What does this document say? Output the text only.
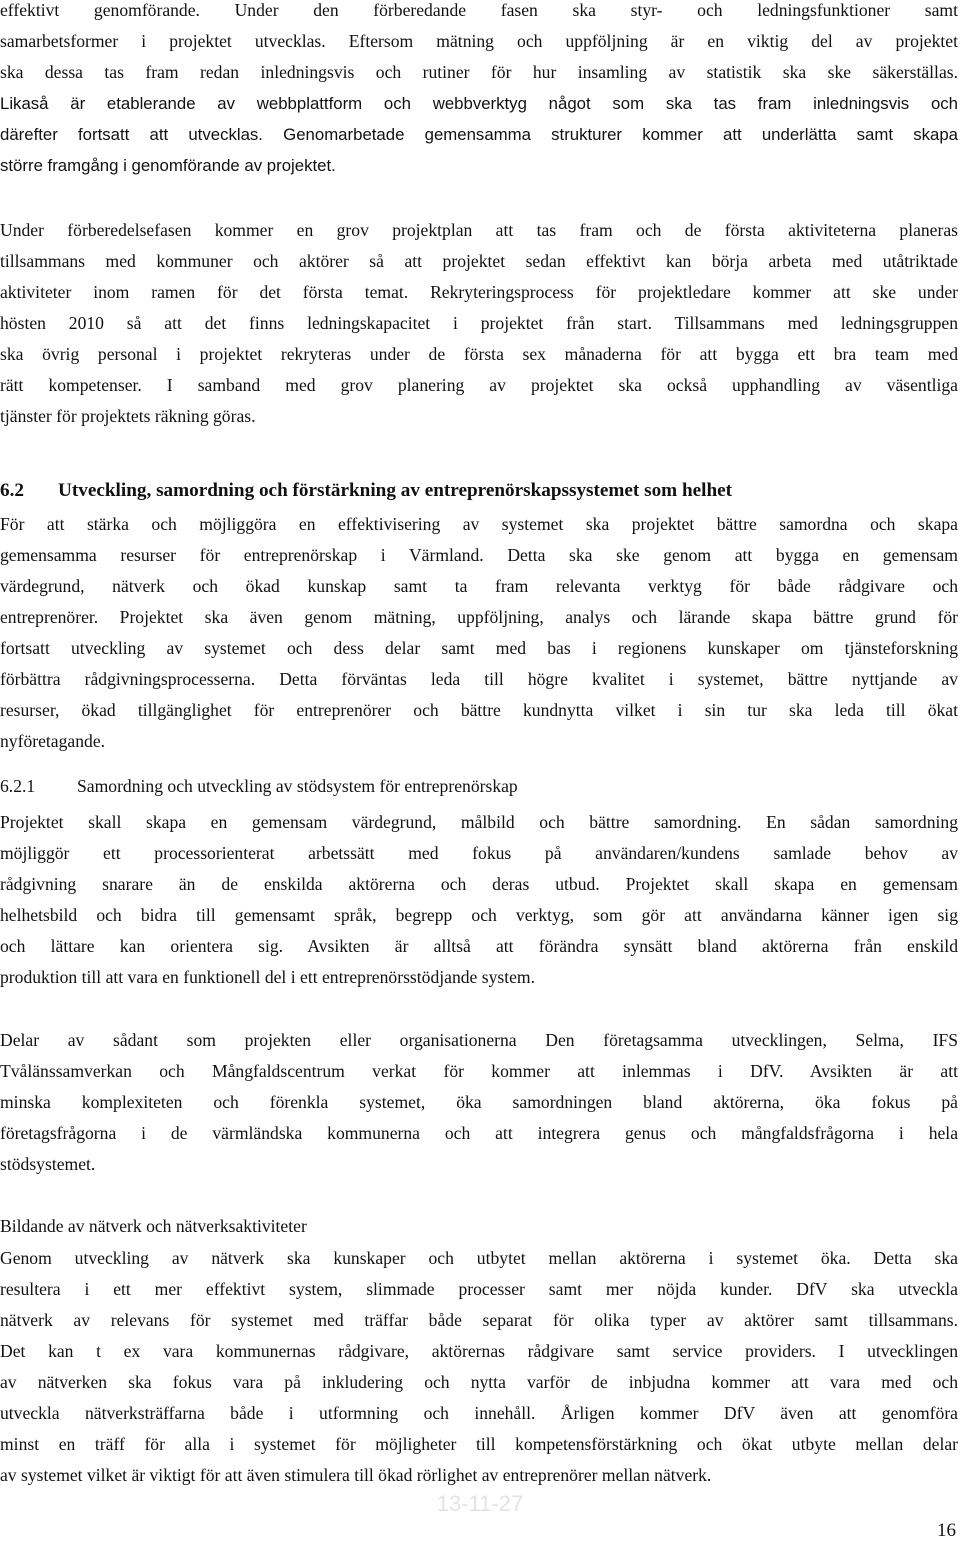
effektivt genomförande. Under den förberedande fasen ska styr- och ledningsfunktioner samt
samarbetsformer i projektet utvecklas. Eftersom mätning och uppföljning är en viktig del av projektet
ska dessa tas fram redan inledningsvis och rutiner för hur insamling av statistik ska ske säkerställas.
Likaså är etablerande av webbplattform och webbverktyg något som ska tas fram inledningsvis och
därefter fortsatt att utvecklas. Genomarbetade gemensamma strukturer kommer att underlätta samt skapa
större framgång i genomförande av projektet.
Under förberedelsefasen kommer en grov projektplan att tas fram och de första aktiviteterna planeras
tillsammans med kommuner och aktörer så att projektet sedan effektivt kan börja arbeta med utåtriktade
aktiviteter inom ramen för det första temat. Rekryteringsprocess för projektledare kommer att ske under
hösten 2010 så att det finns ledningskapacitet i projektet från start. Tillsammans med ledningsgruppen
ska övrig personal i projektet rekryteras under de första sex månaderna för att bygga ett bra team med
rätt kompetenser. I samband med grov planering av projektet ska också upphandling av väsentliga
tjänster för projektets räkning göras.
6.2 Utveckling, samordning och förstärkning av entreprenörskapssystemet som helhet
För att stärka och möjliggöra en effektivisering av systemet ska projektet bättre samordna och skapa
gemensamma resurser för entreprenörskap i Värmland. Detta ska ske genom att bygga en gemensam
värdegrund, nätverk och ökad kunskap samt ta fram relevanta verktyg för både rådgivare och
entreprenörer. Projektet ska även genom mätning, uppföljning, analys och lärande skapa bättre grund för
fortsatt utveckling av systemet och dess delar samt med bas i regionens kunskaper om tjänsteforskning
förbättra rådgivningsprocesserna. Detta förväntas leda till högre kvalitet i systemet, bättre nyttjande av
resurser, ökad tillgänglighet för entreprenörer och bättre kundnytta vilket i sin tur ska leda till ökat
nyföretagande.
6.2.1 Samordning och utveckling av stödsystem för entreprenörskap
Projektet skall skapa en gemensam värdegrund, målbild och bättre samordning. En sådan samordning
möjliggör ett processorienterat arbetssätt med fokus på användaren/kundens samlade behov av
rådgivning snarare än de enskilda aktörerna och deras utbud. Projektet skall skapa en gemensam
helhetsbild och bidra till gemensamt språk, begrepp och verktyg, som gör att användarna känner igen sig
och lättare kan orientera sig. Avsikten är alltså att förändra synsätt bland aktörerna från enskild
produktion till att vara en funktionell del i ett entreprenörsstödjande system.
Delar av sådant som projekten eller organisationerna Den företagsamma utvecklingen, Selma, IFS
Tvålänssamverkan och Mångfaldscentrum verkat för kommer att inlemmas i DfV. Avsikten är att
minska komplexiteten och förenkla systemet, öka samordningen bland aktörerna, öka fokus på
företagsfrågorna i de värmländska kommunerna och att integrera genus och mångfaldsfrågorna i hela
stödsystemet.
Bildande av nätverk och nätverksaktiviteter
Genom utveckling av nätverk ska kunskaper och utbytet mellan aktörerna i systemet öka. Detta ska
resultera i ett mer effektivt system, slimmade processer samt mer nöjda kunder. DfV ska utveckla
nätverk av relevans för systemet med träffar både separat för olika typer av aktörer samt tillsammans.
Det kan t ex vara kommunernas rådgivare, aktörernas rådgivare samt service providers. I utvecklingen
av nätverken ska fokus vara på inkludering och nytta varför de inbjudna kommer att vara med och
utveckla nätverksträffarna både i utformning och innehåll. Årligen kommer DfV även att genomföra
minst en träff för alla i systemet för möjligheter till kompetensförstärkning och ökat utbyte mellan delar
av systemet vilket är viktigt för att även stimulera till ökad rörlighet av entreprenörer mellan nätverk.
13-11-27
16
